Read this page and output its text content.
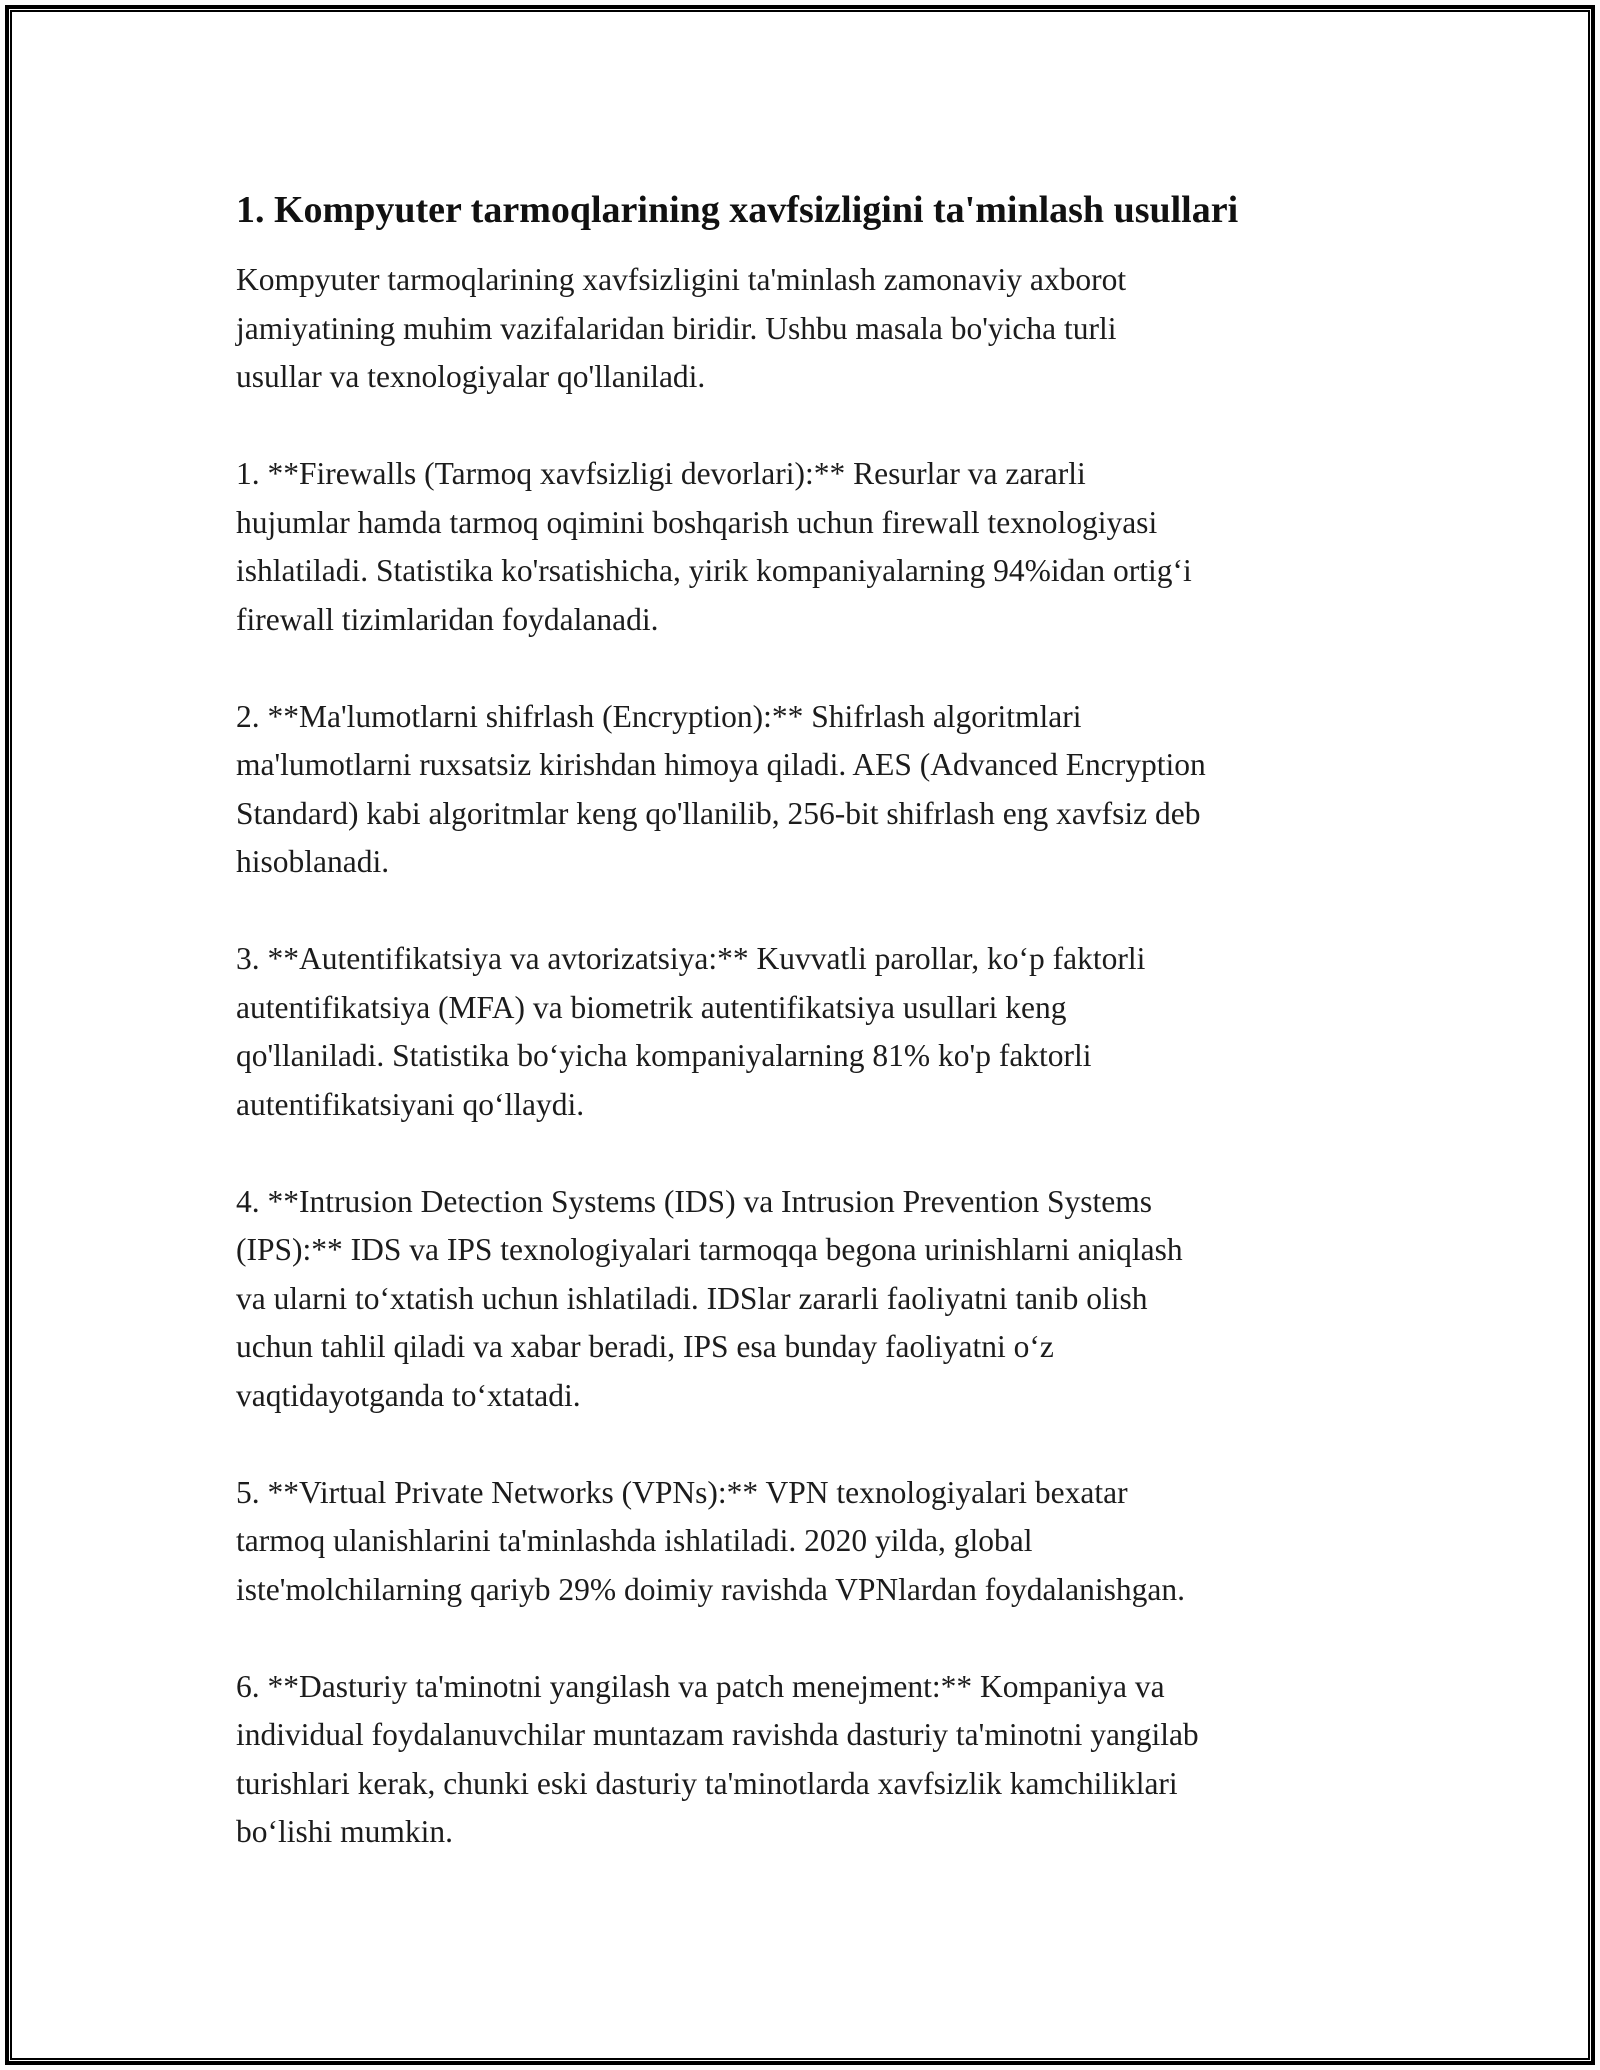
1. Kompyuter tarmoqlarining xavfsizligini ta'minlash usullari

Kompyuter tarmoqlarining xavfsizligini ta'minlash zamonaviy axborot
jamiyatining muhim vazifalaridan biridir. Ushbu masala bo'yicha turli
usullar va texnologiyalar qo'llaniladi.

1. **Firewalls (Tarmoq xavfsizligi devorlari):** Resurlar va zararli
hujumlar hamda tarmoq oqimini boshqarish uchun firewall texnologiyasi
ishlatiladi. Statistika ko'rsatishicha, yirik kompaniyalarning 94%idan ortig‘i
firewall tizimlaridan foydalanadi.

2. **Ma'lumotlarni shifrlash (Encryption):** Shifrlash algoritmlari
ma'lumotlarni ruxsatsiz kirishdan himoya qiladi. AES (Advanced Encryption
Standard) kabi algoritmlar keng qo'llanilib, 256-bit shifrlash eng xavfsiz deb
hisoblanadi.

3. **Autentifikatsiya va avtorizatsiya:** Kuvvatli parollar, ko‘p faktorli
autentifikatsiya (MFA) va biometrik autentifikatsiya usullari keng
qo'llaniladi. Statistika bo‘yicha kompaniyalarning 81% ko'p faktorli
autentifikatsiyani qo‘llaydi.

4. **Intrusion Detection Systems (IDS) va Intrusion Prevention Systems
(IPS):** IDS va IPS texnologiyalari tarmoqqa begona urinishlarni aniqlash
va ularni to‘xtatish uchun ishlatiladi. IDSlar zararli faoliyatni tanib olish
uchun tahlil qiladi va xabar beradi, IPS esa bunday faoliyatni o‘z
vaqtidayotganda to‘xtatadi.

5. **Virtual Private Networks (VPNs):** VPN texnologiyalari bexatar
tarmoq ulanishlarini ta'minlashda ishlatiladi. 2020 yilda, global
iste'molchilarning qariyb 29% doimiy ravishda VPNlardan foydalanishgan.

6. **Dasturiy ta'minotni yangilash va patch menejment:** Kompaniya va
individual foydalanuvchilar muntazam ravishda dasturiy ta'minotni yangilab
turishlari kerak, chunki eski dasturiy ta'minotlarda xavfsizlik kamchiliklari
bo‘lishi mumkin.
